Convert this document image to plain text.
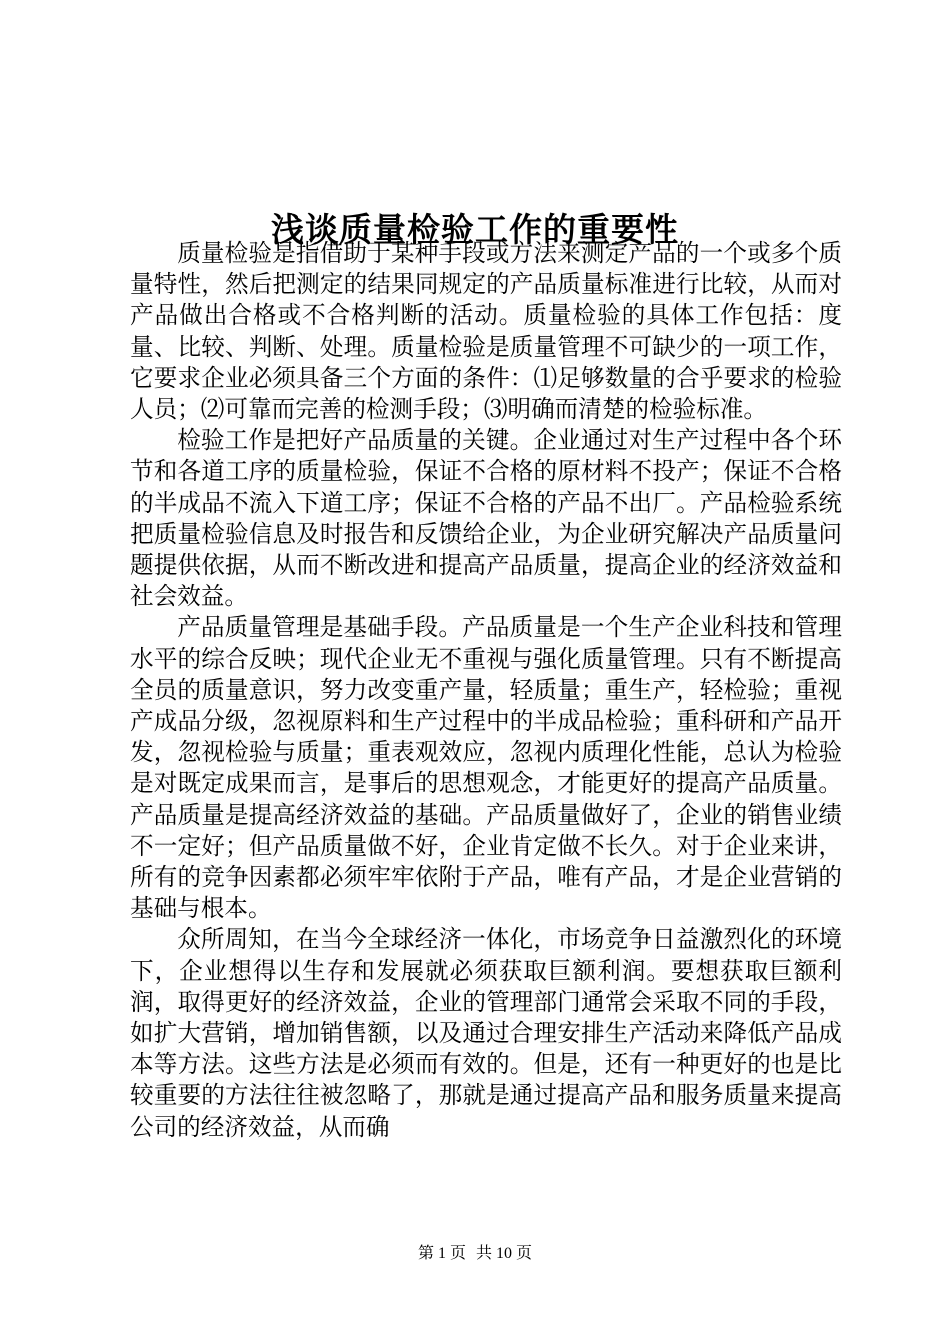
浅谈质量检验工作的重要性

质量检验是指借助于某种手段或方法来测定产品的一个或多个质量特性，然后把测定的结果同规定的产品质量标准进行比较，从而对产品做出合格或不合格判断的活动。质量检验的具体工作包括：度量、比较、判断、处理。质量检验是质量管理不可缺少的一项工作，它要求企业必须具备三个方面的条件：⑴足够数量的合乎要求的检验人员；⑵可靠而完善的检测手段；⑶明确而清楚的检验标准。

检验工作是把好产品质量的关键。企业通过对生产过程中各个环节和各道工序的质量检验，保证不合格的原材料不投产；保证不合格的半成品不流入下道工序；保证不合格的产品不出厂。产品检验系统把质量检验信息及时报告和反馈给企业，为企业研究解决产品质量问题提供依据，从而不断改进和提高产品质量，提高企业的经济效益和社会效益。

产品质量管理是基础手段。产品质量是一个生产企业科技和管理水平的综合反映；现代企业无不重视与强化质量管理。只有不断提高全员的质量意识，努力改变重产量，轻质量；重生产，轻检验；重视产成品分级，忽视原料和生产过程中的半成品检验；重科研和产品开发，忽视检验与质量；重表观效应，忽视内质理化性能，总认为检验是对既定成果而言，是事后的思想观念，才能更好的提高产品质量。产品质量是提高经济效益的基础。产品质量做好了，企业的销售业绩不一定好；但产品质量做不好，企业肯定做不长久。对于企业来讲，所有的竞争因素都必须牢牢依附于产品，唯有产品，才是企业营销的基础与根本。

众所周知，在当今全球经济一体化，市场竞争日益激烈化的环境下，企业想得以生存和发展就必须获取巨额利润。要想获取巨额利润，取得更好的经济效益，企业的管理部门通常会采取不同的手段，如扩大营销，增加销售额，以及通过合理安排生产活动来降低产品成本等方法。这些方法是必须而有效的。但是，还有一种更好的也是比较重要的方法往往被忽略了，那就是通过提高产品和服务质量来提高公司的经济效益，从而确

第 1 页 共 10 页
